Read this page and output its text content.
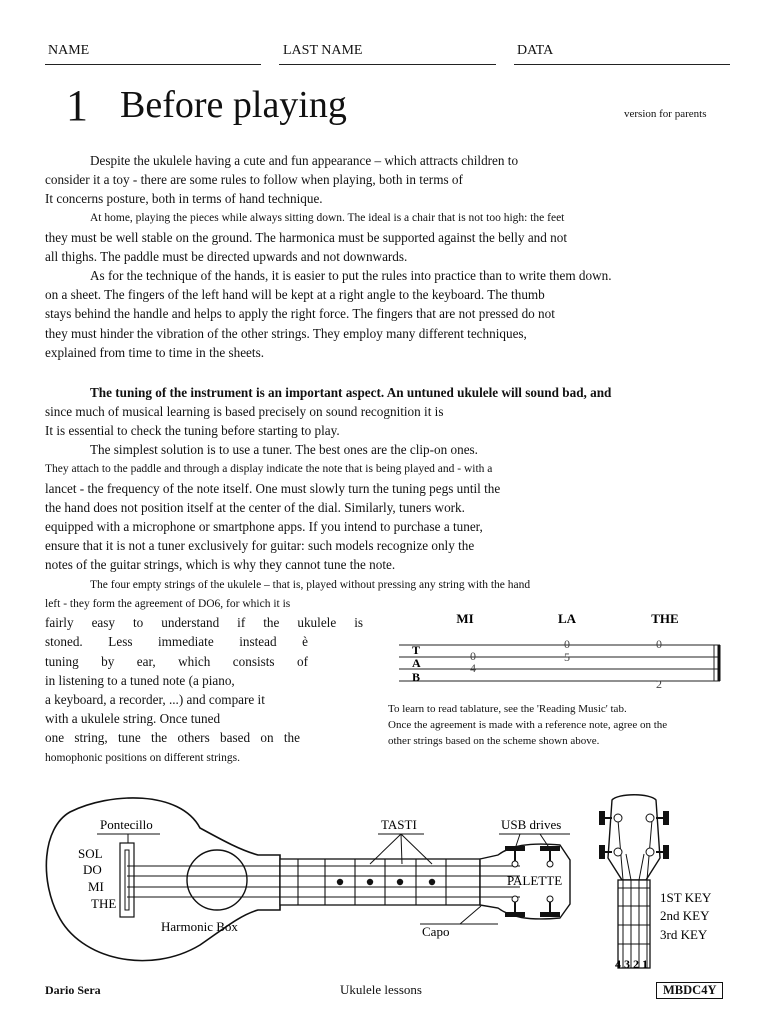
NAME	LAST NAME	DATA
1 Before playing	version for parents
Despite the ukulele having a cute and fun appearance – which attracts children to
consider it a toy - there are some rules to follow when playing, both in terms of
It concerns posture, both in terms of hand technique.
At home, playing the pieces while always sitting down. The ideal is a chair that is not too high: the feet
they must be well stable on the ground. The harmonica must be supported against the belly and not
all thighs. The paddle must be directed upwards and not downwards.
As for the technique of the hands, it is easier to put the rules into practice than to write them down.
on a sheet. The fingers of the left hand will be kept at a right angle to the keyboard. The thumb
stays behind the handle and helps to apply the right force. The fingers that are not pressed do not
they must hinder the vibration of the other strings. They employ many different techniques,
explained from time to time in the sheets.
The tuning of the instrument is an important aspect. An untuned ukulele will sound bad, and
since much of musical learning is based precisely on sound recognition it is
It is essential to check the tuning before starting to play.
The simplest solution is to use a tuner. The best ones are the clip-on ones.
They attach to the paddle and through a display indicate the note that is being played and - with a
lancet - the frequency of the note itself. One must slowly turn the tuning pegs until the
the hand does not position itself at the center of the dial. Similarly, tuners work.
equipped with a microphone or smartphone apps. If you intend to purchase a tuner,
ensure that it is not a tuner exclusively for guitar: such models recognize only the
notes of the guitar strings, which is why they cannot tune the note.
The four empty strings of the ukulele – that is, played without pressing any string with the hand
left - they form the agreement of DO6, for which it is
fairly easy to understand if the ukulele is
stoned. Less immediate instead è
tuning by ear, which consists of
in listening to a tuned note (a piano,
a keyboard, a recorder, ...) and compare it
with a ukulele string. Once tuned
one string, tune the others based on the
homophonic positions on different strings.
MI	LA	THE
T
A
B
0
4
0
5
0
2
To learn to read tablature, see the 'Reading Music' tab.
Once the agreement is made with a reference note, agree on the
other strings based on the scheme shown above.
Pontecillo
SOL
DO
MI
THE
Harmonic Box
TASTI	USB drives
PALETTE
Capo
1ST KEY
2nd KEY
3rd KEY
4 3 2 1
Dario Sera	Ukulele lessons	MBDC4Y
